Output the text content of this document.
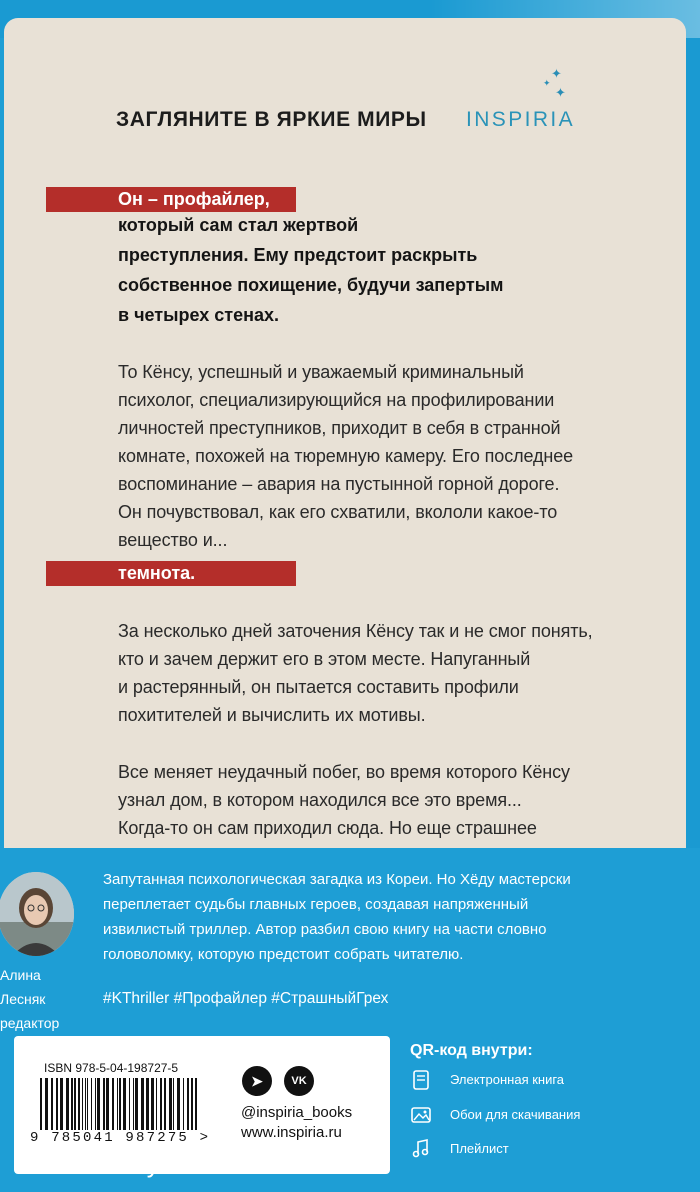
✦
✦
✦
ЗАГЛЯНИТЕ В ЯРКИЕ МИРЫ INSPIRIA
Он – профайлер,
который сам стал жертвой
преступления. Ему предстоит раскрыть
собственное похищение, будучи запертым
в четырех стенах.
То Кёнсу, успешный и уважаемый криминальный
психолог, специализирующийся на профилировании
личностей преступников, приходит в себя в странной
комнате, похожей на тюремную камеру. Его последнее
воспоминание – авария на пустынной горной дороге.
Он почувствовал, как его схватили, вкололи какое-то
вещество и...
темнота.
За несколько дней заточения Кёнсу так и не смог понять,
кто и зачем держит его в этом месте. Напуганный
и растерянный, он пытается составить профили
похитителей и вычислить их мотивы.
Все меняет неудачный побег, во время которого Кёнсу
узнал дом, в котором находился все это время...
Когда-то он сам приходил сюда. Но еще страшнее
Алина
Лесняк
редактор
Запутанная психологическая загадка из Кореи. Но Хёду мастерски
переплетает судьбы главных героев, создавая напряженный
извилистый триллер. Автор разбил свою книгу на части словно
головоломку, которую предстоит собрать читателю.
#KThriller #Профайлер #СтрашныйГрех
ISBN 978-5-04-198727-5
9 785041 987275 >
➤	VK
@inspiria_books
www.inspiria.ru
QR-код внутри:
Электронная книга
Обои для скачивания
Плейлист
bookclub.by
